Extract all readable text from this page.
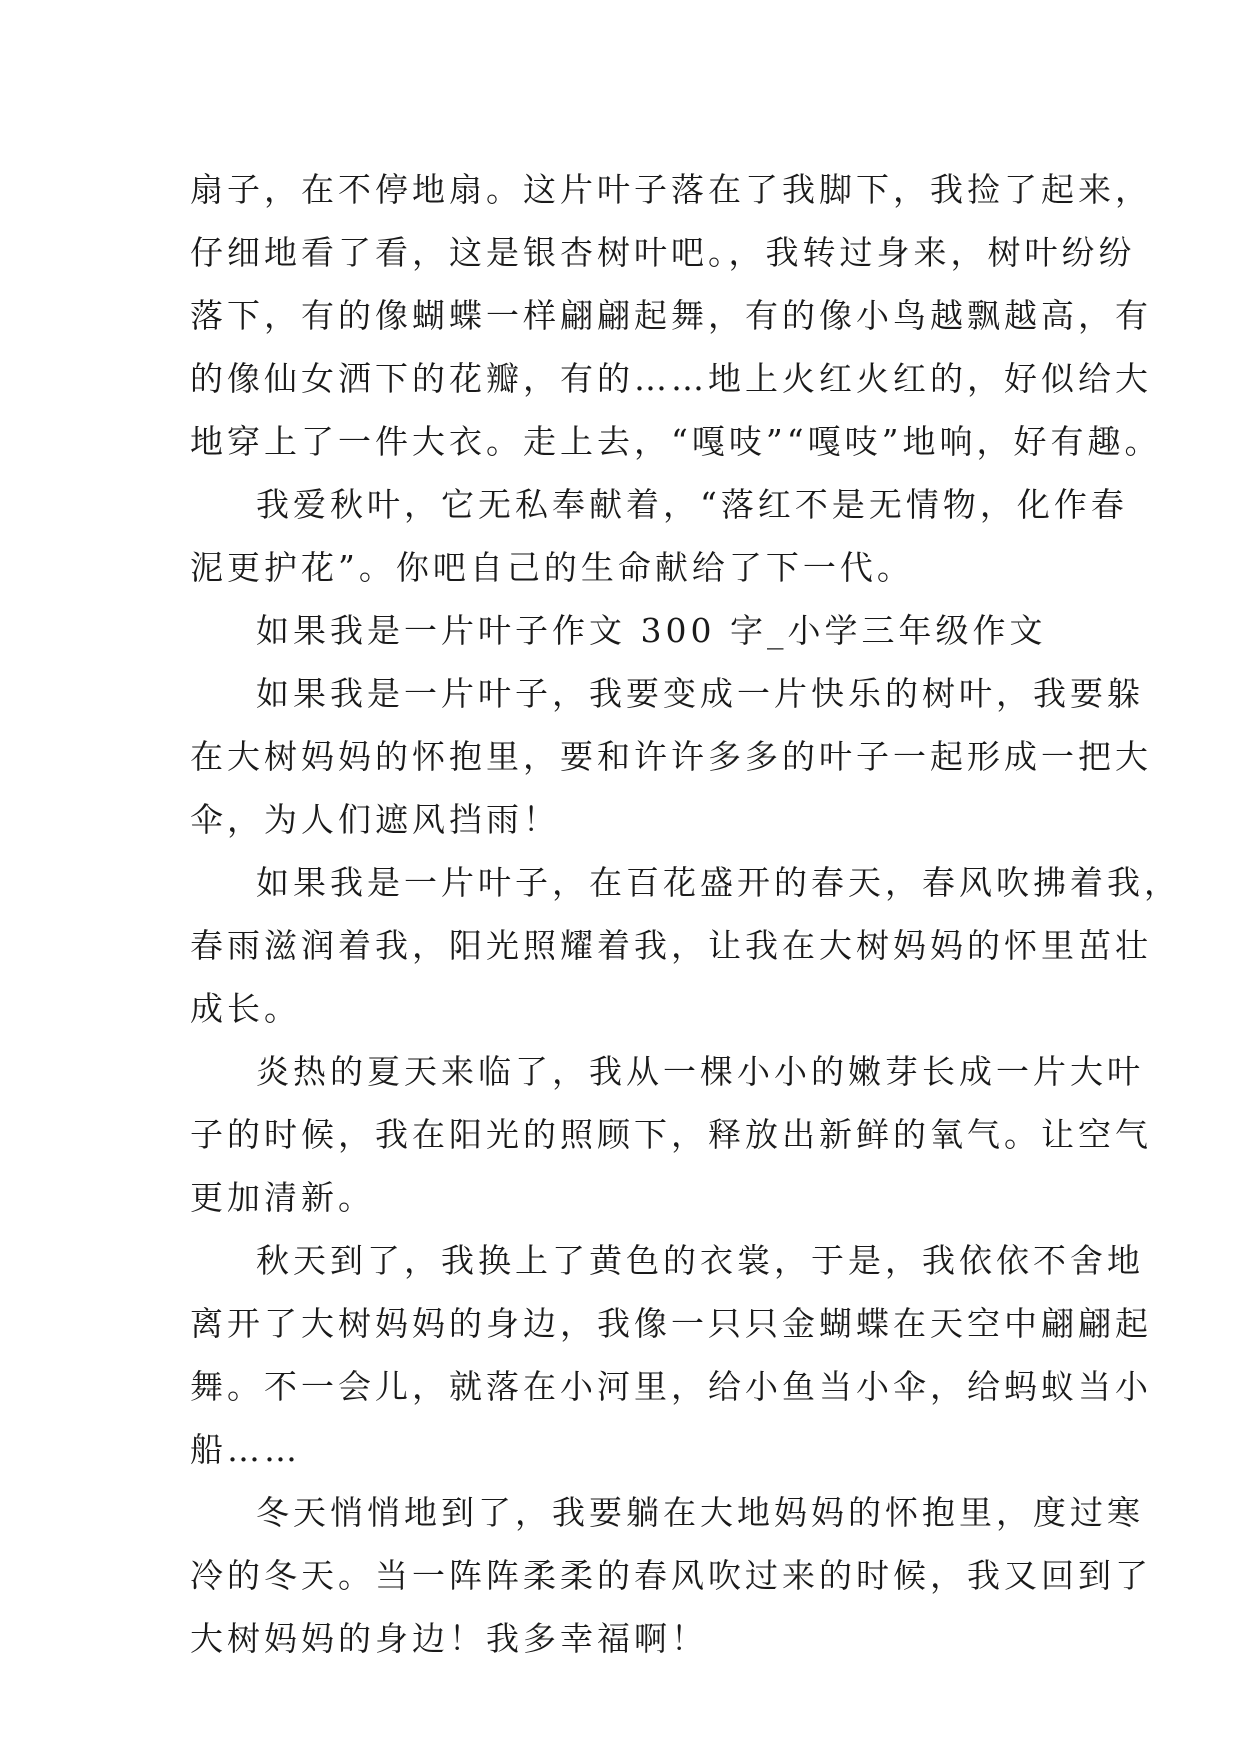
扇子，在不停地扇。这片叶子落在了我脚下，我捡了起来，
仔细地看了看，这是银杏树叶吧。，我转过身来，树叶纷纷
落下，有的像蝴蝶一样翩翩起舞，有的像小鸟越飘越高，有
的像仙女洒下的花瓣，有的……地上火红火红的，好似给大
地穿上了一件大衣。走上去，“嘎吱”“嘎吱”地响，好有趣。
我爱秋叶，它无私奉献着，“落红不是无情物，化作春
泥更护花”。你吧自己的生命献给了下一代。
如果我是一片叶子作文 300 字_小学三年级作文
如果我是一片叶子，我要变成一片快乐的树叶，我要躲
在大树妈妈的怀抱里，要和许许多多的叶子一起形成一把大
伞，为人们遮风挡雨！
如果我是一片叶子，在百花盛开的春天，春风吹拂着我，
春雨滋润着我，阳光照耀着我，让我在大树妈妈的怀里茁壮
成长。
炎热的夏天来临了，我从一棵小小的嫩芽长成一片大叶
子的时候，我在阳光的照顾下，释放出新鲜的氧气。让空气
更加清新。
秋天到了，我换上了黄色的衣裳，于是，我依依不舍地
离开了大树妈妈的身边，我像一只只金蝴蝶在天空中翩翩起
舞。不一会儿，就落在小河里，给小鱼当小伞，给蚂蚁当小
船……
冬天悄悄地到了，我要躺在大地妈妈的怀抱里，度过寒
冷的冬天。当一阵阵柔柔的春风吹过来的时候，我又回到了
大树妈妈的身边！我多幸福啊！
